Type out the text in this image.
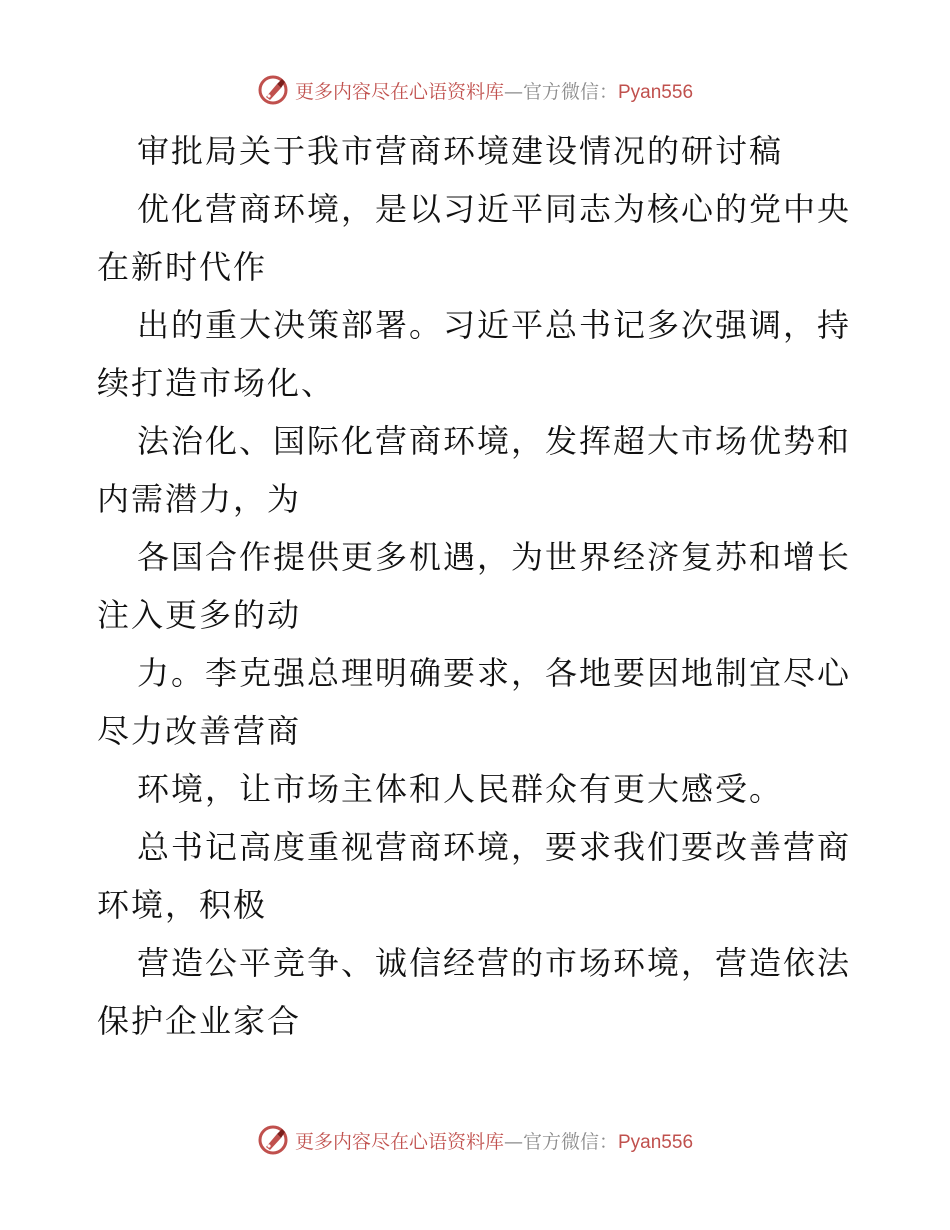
更多内容尽在心语资料库—官方微信：Pyan556
审批局关于我市营商环境建设情况的研讨稿
优化营商环境，是以习近平同志为核心的党中央
在新时代作
出的重大决策部署。习近平总书记多次强调，持
续打造市场化、
法治化、国际化营商环境，发挥超大市场优势和
内需潜力，为
各国合作提供更多机遇，为世界经济复苏和增长
注入更多的动
力。李克强总理明确要求，各地要因地制宜尽心
尽力改善营商
环境，让市场主体和人民群众有更大感受。
总书记高度重视营商环境，要求我们要改善营商
环境，积极
营造公平竞争、诚信经营的市场环境，营造依法
保护企业家合
更多内容尽在心语资料库—官方微信：Pyan556
